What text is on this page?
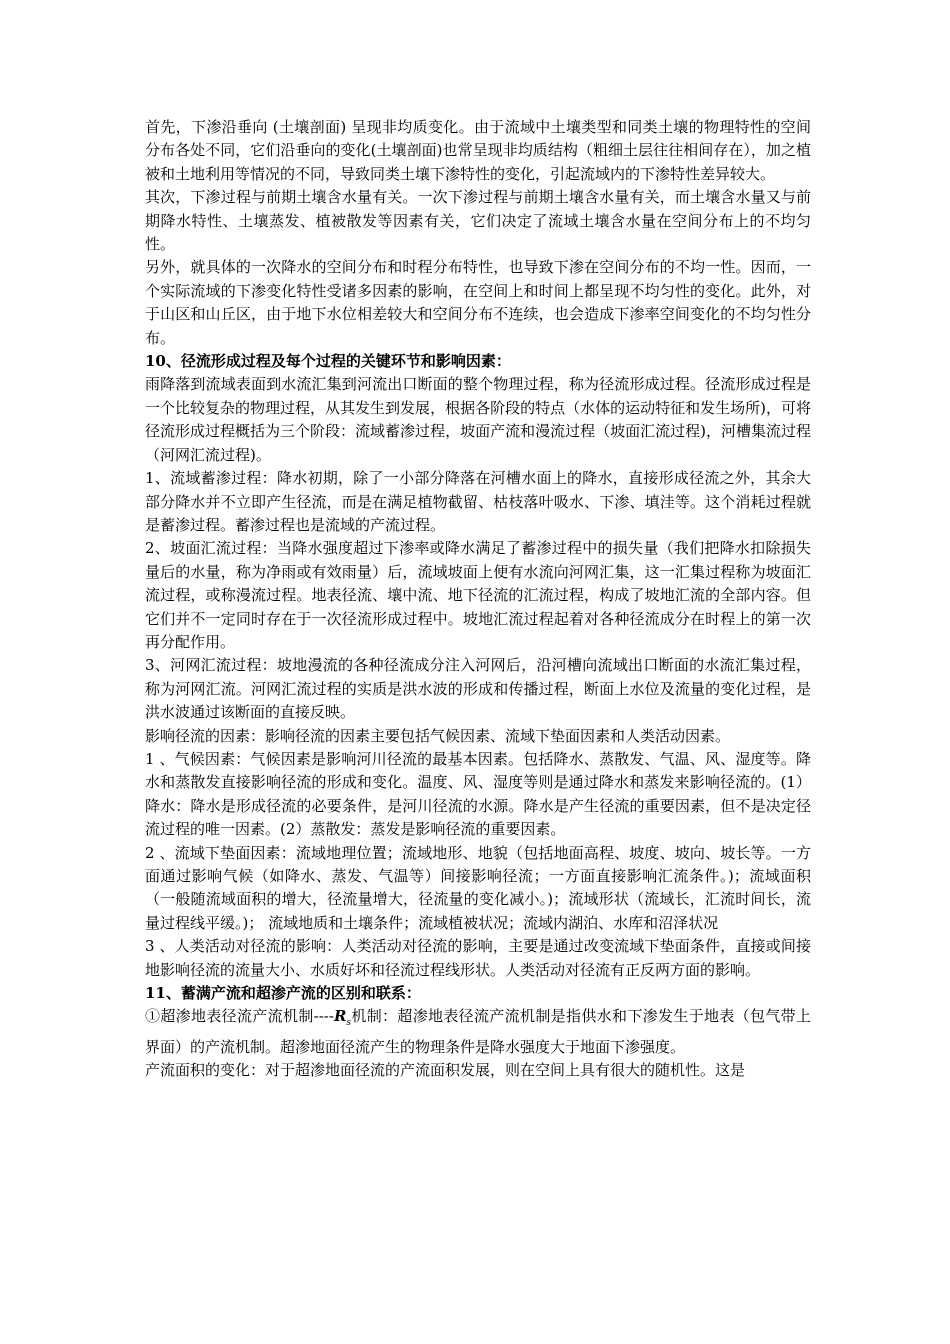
首先，下渗沿垂向 (土壤剖面) 呈现非均质变化。由于流域中土壤类型和同类土壤的物理特性的空间分布各处不同，它们沿垂向的变化(土壤剖面)也常呈现非均质结构（粗细土层往往相间存在），加之植被和土地利用等情况的不同，导致同类土壤下渗特性的变化，引起流域内的下渗特性差异较大。

其次，下渗过程与前期土壤含水量有关。一次下渗过程与前期土壤含水量有关，而土壤含水量又与前期降水特性、土壤蒸发、植被散发等因素有关，它们决定了流域土壤含水量在空间分布上的不均匀性。

另外，就具体的一次降水的空间分布和时程分布特性，也导致下渗在空间分布的不均一性。因而，一个实际流域的下渗变化特性受诸多因素的影响，在空间上和时间上都呈现不均匀性的变化。此外，对于山区和山丘区，由于地下水位相差较大和空间分布不连续，也会造成下渗率空间变化的不均匀性分布。

10、径流形成过程及每个过程的关键环节和影响因素：

雨降落到流域表面到水流汇集到河流出口断面的整个物理过程，称为径流形成过程。径流形成过程是一个比较复杂的物理过程，从其发生到发展，根据各阶段的特点（水体的运动特征和发生场所)，可将径流形成过程概括为三个阶段：流域蓄渗过程，坡面产流和漫流过程（坡面汇流过程)，河槽集流过程（河网汇流过程)。

1、流域蓄渗过程：降水初期，除了一小部分降落在河槽水面上的降水，直接形成径流之外，其余大部分降水并不立即产生径流，而是在满足植物截留、枯枝落叶吸水、下渗、填洼等。这个消耗过程就是蓄渗过程。蓄渗过程也是流域的产流过程。

2、坡面汇流过程：当降水强度超过下渗率或降水满足了蓄渗过程中的损失量（我们把降水扣除损失量后的水量，称为净雨或有效雨量）后，流域坡面上便有水流向河网汇集，这一汇集过程称为坡面汇流过程，或称漫流过程。地表径流、壤中流、地下径流的汇流过程，构成了坡地汇流的全部内容。但它们并不一定同时存在于一次径流形成过程中。坡地汇流过程起着对各种径流成分在时程上的第一次再分配作用。

3、河网汇流过程：坡地漫流的各种径流成分注入河网后，沿河槽向流域出口断面的水流汇集过程，称为河网汇流。河网汇流过程的实质是洪水波的形成和传播过程，断面上水位及流量的变化过程，是洪水波通过该断面的直接反映。

影响径流的因素：影响径流的因素主要包括气候因素、流域下垫面因素和人类活动因素。

1 、气候因素：气候因素是影响河川径流的最基本因素。包括降水、蒸散发、气温、风、湿度等。降水和蒸散发直接影响径流的形成和变化。温度、风、湿度等则是通过降水和蒸发来影响径流的。(1）降水：降水是形成径流的必要条件，是河川径流的水源。降水是产生径流的重要因素，但不是决定径流过程的唯一因素。(2）蒸散发：蒸发是影响径流的重要因素。

2 、流域下垫面因素：流域地理位置；流域地形、地貌（包括地面高程、坡度、坡向、坡长等。一方面通过影响气候（如降水、蒸发、气温等）间接影响径流；一方面直接影响汇流条件。)；流域面积（一般随流域面积的增大，径流量增大，径流量的变化减小。)；流域形状（流域长，汇流时间长，流量过程线平缓。)； 流域地质和土壤条件；流域植被状况；流域内湖泊、水库和沼泽状况

3 、人类活动对径流的影响：人类活动对径流的影响，主要是通过改变流域下垫面条件，直接或间接地影响径流的流量大小、水质好坏和径流过程线形状。人类活动对径流有正反两方面的影响。

11、蓄满产流和超渗产流的区别和联系：

①超渗地表径流产流机制$----R_s$机制：超渗地表径流产流机制是指供水和下渗发生于地表（包气带上界面）的产流机制。超渗地面径流产生的物理条件是降水强度大于地面下渗强度。

产流面积的变化：对于超渗地面径流的产流面积发展，则在空间上具有很大的随机性。这是
